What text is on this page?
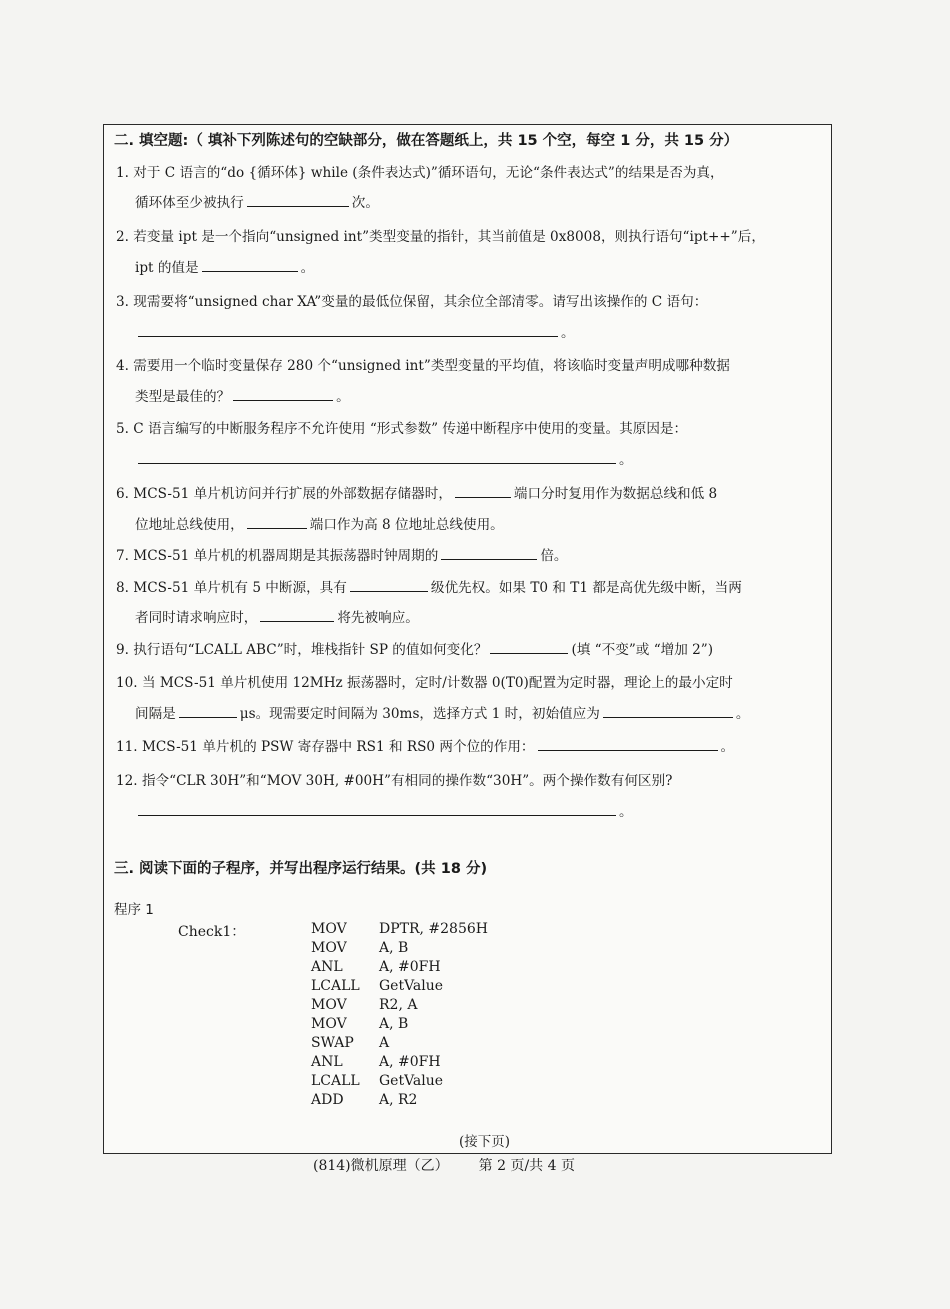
二. 填空题:（ 填补下列陈述句的空缺部分，做在答题纸上，共 15 个空，每空 1 分，共 15 分）
1. 对于 C 语言的“do {循环体} while (条件表达式)”循环语句，无论“条件表达式”的结果是否为真，
循环体至少被执行	次。
2. 若变量 ipt 是一个指向“unsigned int”类型变量的指针，其当前值是 0x8008，则执行语句“ipt++”后，
ipt 的值是	。
3. 现需要将“unsigned char XA”变量的最低位保留，其余位全部清零。请写出该操作的 C 语句：
。
4. 需要用一个临时变量保存 280 个“unsigned int”类型变量的平均值，将该临时变量声明成哪种数据
类型是最佳的？	。
5. C 语言编写的中断服务程序不允许使用 “形式参数” 传递中断程序中使用的变量。其原因是：
。
6. MCS-51 单片机访问并行扩展的外部数据存储器时，	端口分时复用作为数据总线和低 8
位地址总线使用，	端口作为高 8 位地址总线使用。
7. MCS-51 单片机的机器周期是其振荡器时钟周期的	倍。
8. MCS-51 单片机有 5 中断源，具有	级优先权。如果 T0 和 T1 都是高优先级中断，当两
者同时请求响应时，	将先被响应。
9. 执行语句“LCALL ABC”时，堆栈指针 SP 的值如何变化？	(填 “不变”或 “增加 2”)
10. 当 MCS-51 单片机使用 12MHz 振荡器时，定时/计数器 0(T0)配置为定时器，理论上的最小定时
间隔是	μs。现需要定时间隔为 30ms，选择方式 1 时，初始值应为	。
11. MCS-51 单片机的 PSW 寄存器中 RS1 和 RS0 两个位的作用：	。
12. 指令“CLR 30H”和“MOV 30H, #00H”有相同的操作数“30H”。两个操作数有何区别?
。
三. 阅读下面的子程序，并写出程序运行结果。(共 18 分)
程序 1
Check1：	MOV DPTR, #2856H
MOV A, B
ANL	A, #0FH
LCALL GetValue
MOV R2, A
MOV A, B
SWAP A
ANL	A, #0FH
LCALL GetValue
ADD	A, R2
(接下页)
(814)微机原理（乙） 第 2 页/共 4 页
